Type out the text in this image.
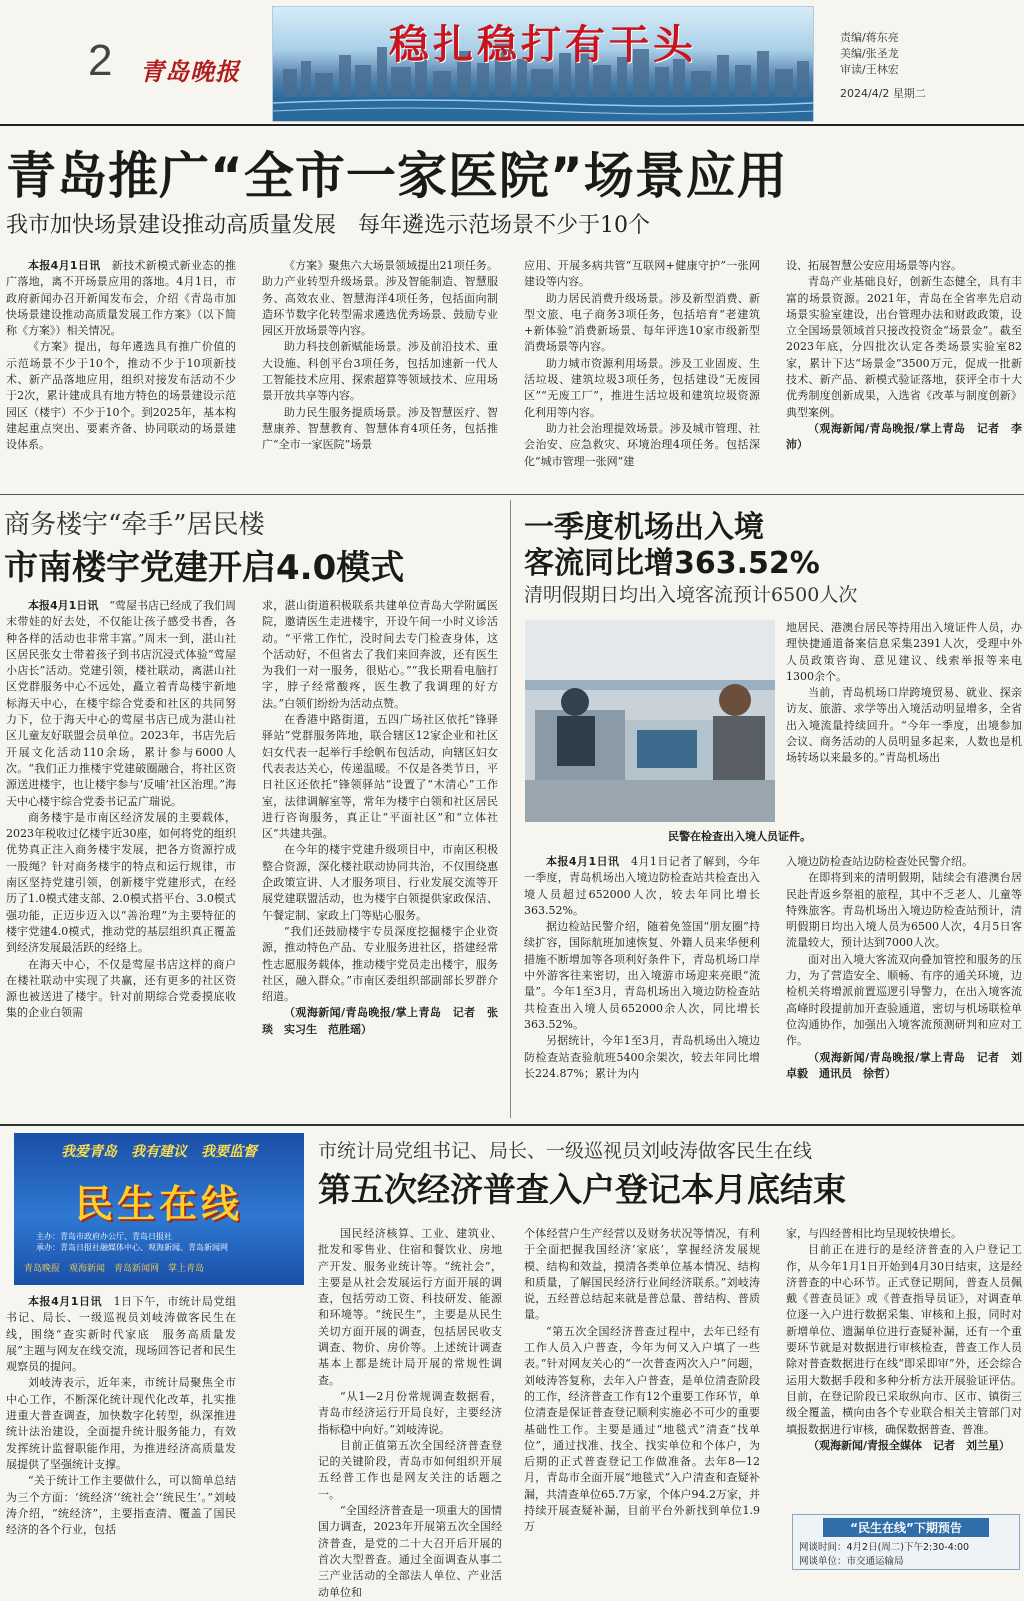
2 青岛晚报
稳扎稳打有干头	责编/蒋东亮
美编/张圣龙
审读/王林宏
2024/4/2 星期二
青岛推广“全市一家医院”场景应用
我市加快场景建设推动高质量发展　每年遴选示范场景不少于10个

本报4月1日讯　 新技术新模式新业态的推广落地，离不开场景应用的落地。4月1日，市政府新闻办召开新闻发布会，介绍《青岛市加快场景建设推动高质量发展工作方案》（以下简称《方案》）相关情况。

《方案》提出，每年遴选具有推广价值的示范场景不少于10个，推动不少于10项新技术、新产品落地应用，组织对接发布活动不少于2次，累计建成具有地方特色的场景建设示范园区（楼宇）不少于10个。到2025年，基本构建起重点突出、要素齐备、协同联动的场景建设体系。

《方案》聚焦六大场景领域提出21项任务。助力产业转型升级场景。涉及智能制造、智慧服务、高效农业、智慧海洋4项任务，包括面向制造环节数字化转型需求遴选优秀场景、鼓励专业园区开放场景等内容。

助力科技创新赋能场景。涉及前沿技术、重大设施、科创平台3项任务，包括加速新一代人工智能技术应用、探索超算等领域技术、应用场景开放共享等内容。

助力民生服务提质场景。涉及智慧医疗、智慧康养、智慧教育、智慧体育4项任务，包括推广“全市一家医院”场景

应用、开展多病共管“互联网+健康守护”一张网建设等内容。

助力居民消费升级场景。涉及新型消费、新型文旅、电子商务3项任务，包括培育“老建筑+新体验”消费新场景、每年评选10家市级新型消费场景等内容。

助力城市资源利用场景。涉及工业固废、生活垃圾、建筑垃圾3项任务，包括建设“无废园区”“无废工厂”，推进生活垃圾和建筑垃圾资源化利用等内容。

助力社会治理提效场景。涉及城市管理、社会治安、应急救灾、环境治理4项任务。包括深化“城市管理一张网”建

设、拓展智慧公安应用场景等内容。

青岛产业基础良好，创新生态健全，具有丰富的场景资源。2021年，青岛在全省率先启动场景实验室建设，出台管理办法和财政政策，设立全国场景领域首只接改投资金“场景金”。截至2023年底，分四批次认定各类场景实验室82家，累计下达“场景金”3500万元，促成一批新技术、新产品、新模式验证落地，获评全市十大优秀制度创新成果，入选省《改革与制度创新》典型案例。

（观海新闻/青岛晚报/掌上青岛　记者　李沛）

商务楼宇“牵手”居民楼
市南楼宇党建开启4.0模式

本报4月1日讯　 “莺屋书店已经成了我们周末带娃的好去处，不仅能让孩子感受书香，各种各样的活动也非常丰富。”周末一到，湛山社区居民张女士带着孩子到书店沉浸式体验“莺屋小店长”活动。党建引领，楼社联动，离湛山社区党群服务中心不远处，矗立着青岛楼宇新地标海天中心，在楼宇综合党委和社区的共同努力下，位于海天中心的莺屋书店已成为湛山社区儿童友好联盟会员单位。2023年，书店先后开展文化活动110余场，累计参与6000人次。“我们正力推楼宇党建破圈融合，将社区资源送进楼宇，也让楼宇参与‘反哺’社区治理。”海天中心楼宇综合党委书记孟广瑞说。

商务楼宇是市南区经济发展的主要载体，2023年税收过亿楼宇近30座，如何将党的组织优势真正注入商务楼宇发展，把各方资源拧成一股绳？针对商务楼宇的特点和运行规律，市南区坚持党建引领，创新楼宇党建形式，在经历了1.0模式建支部、2.0模式搭平台、3.0模式强功能，正迈步迈入以“善治理”为主要特征的楼宇党建4.0模式，推动党的基层组织真正覆盖到经济发展最活跃的经络上。

在海天中心，不仅是莺屋书店这样的商户在楼社联动中实现了共赢，还有更多的社区资源也被送进了楼宇。针对前期综合党委摸底收集的企业白领需

求，湛山街道积极联系共建单位青岛大学附属医院，邀请医生走进楼宇，开设午间一小时义诊活动。“平常工作忙，没时间去专门检查身体，这个活动好，不但省去了我们来回奔波，还有医生为我们一对一服务，很贴心。”“我长期看电脑打字，脖子经常酸疼，医生教了我调理的好方法。”白领们纷纷为活动点赞。

在香港中路街道，五四广场社区依托“锋驿驿站”党群服务阵地，联合辖区12家企业和社区妇女代表一起举行手绘帆布包活动，向辖区妇女代表表达关心，传递温暖。不仅是各类节日，平日社区还依托“锋领驿站”设置了“木清心”工作室，法律调解室等，常年为楼宇白领和社区居民进行咨询服务，真正让“平面社区”和“立体社区”共建共强。

在今年的楼宇党建升级项目中，市南区积极整合资源，深化楼社联动协同共治，不仅围绕惠企政策宣讲、人才服务项目、行业发展交流等开展党建联盟活动，也为楼宇白领提供家政保洁、午餐定制、家政上门等贴心服务。

“我们还鼓励楼宇专员深度挖掘楼宇企业资源，推动特色产品、专业服务进社区，搭建经常性志愿服务载体，推动楼宇党员走出楼宇，服务社区，融入群众。”市南区委组织部副部长罗群介绍道。

（观海新闻/青岛晚报/掌上青岛　记者　张琰　实习生　范胜瑶）

一季度机场出入境
客流同比增363.52%
清明假期日均出入境客流预计6500人次
民警在检查出入境人员证件。

地居民、港澳台居民等持用出入境证件人员，办理快捷通道备案信息采集2391人次，受理中外人员政策咨询、意见建议、线索举报等来电1300余个。

当前，青岛机场口岸跨境贸易、就业、探亲访友、旅游、求学等出入境活动明显增多，全省出入境流量持续回升。“今年一季度，出境参加会议、商务活动的人员明显多起来，人数也是机场转场以来最多的。”青岛机场出

本报4月1日讯　 4月1日记者了解到，今年一季度，青岛机场出入境边防检查站共检查出入境人员超过652000人次，较去年同比增长363.52%。

据边检站民警介绍，随着免签国“朋友圈”持续扩容，国际航班加速恢复、外籍人员来华便利措施不断增加等各项利好条件下，青岛机场口岸中外游客往来密切，出入境游市场迎来亮眼“流量”。今年1至3月，青岛机场出入境边防检查站共检查出入境人员652000余人次，同比增长363.52%。

另据统计，今年1至3月，青岛机场出入境边防检查站查验航班5400余架次，较去年同比增长224.87%；累计为内

入境边防检查站边防检查处民警介绍。

在即将到来的清明假期，陆续会有港澳台居民赴青返乡祭祖的旅程，其中不乏老人、儿童等特殊旅客。青岛机场出入境边防检查站预计，清明假期日均出入境人员为6500人次，4月5日客流量较大，预计达到7000人次。

面对出入境大客流双向叠加管控和服务的压力，为了营造安全、顺畅、有序的通关环境，边检机关将增派前置巡逻引导警力，在出入境客流高峰时段提前加开查验通道，密切与机场联检单位沟通协作，加强出入境客流预测研判和应对工作。

（观海新闻/青岛晚报/掌上青岛　记者　刘卓毅　通讯员　徐哲）

我爱青岛　我有建议　我要监督
民生在线
主办：青岛市政府办公厅、青岛日报社
承办：青岛日报社融媒体中心、观海新闻、青岛新闻网
青岛晚报　观海新闻　青岛新闻网　掌上青岛
市统计局党组书记、局长、一级巡视员刘岐涛做客民生在线
第五次经济普查入户登记本月底结束

本报4月1日讯　 1日下午，市统计局党组书记、局长、一级巡视员刘岐涛做客民生在线，围绕“查实新时代家底　服务高质量发展”主题与网友在线交流，现场回答记者和民生观察员的提问。

刘岐涛表示，近年来，市统计局聚焦全市中心工作，不断深化统计现代化改革，扎实推进重大普查调查，加快数字化转型，纵深推进统计法治建设，全面提升统计服务能力，有效发挥统计监督职能作用，为推进经济高质量发展提供了坚强统计支撑。

“关于统计工作主要做什么，可以简单总结为三个方面：‘统经济’‘统社会’‘统民生’。”刘岐涛介绍，“统经济”，主要指查清、覆盖了国民经济的各个行业，包括

国民经济核算、工业、建筑业、批发和零售业、住宿和餐饮业、房地产开发、服务业统计等。“统社会”，主要是从社会发展运行方面开展的调查，包括劳动工资、科技研发、能源和环境等。“统民生”，主要是从民生关切方面开展的调查，包括居民收支调查、物价、房价等。上述统计调查基本上都是统计局开展的常规性调查。

“从1—2月份常规调查数据看，青岛市经济运行开局良好，主要经济指标稳中向好。”刘岐涛说。

目前正值第五次全国经济普查登记的关键阶段，青岛市如何组织开展五经普工作也是网友关注的话题之一。

“全国经济普查是一项重大的国情国力调查，2023年开展第五次全国经济普查，是党的二十大召开后开展的首次大型普查。通过全面调查从事二三产业活动的全部法人单位、产业活动单位和

个体经营户生产经营以及财务状况等情况，有利于全面把握我国经济‘家底’，掌握经济发展规模、结构和效益，摸清各类单位基本情况、结构和质量，了解国民经济行业间经济联系。”刘岐涛说，五经普总结起来就是普总量、普结构、普质量。

“第五次全国经济普查过程中，去年已经有工作人员入户普查，今年为何又入户填了一些表。”针对网友关心的“一次普查两次入户”问题，刘岐涛答复称，去年入户普查，是单位清查阶段的工作，经济普查工作有12个重要工作环节，单位清查是保证普查登记顺利实施必不可少的重要基础性工作。主要是通过“地毯式”清查“找单位”，通过找准、找全、找实单位和个体户，为后期的正式普查登记工作做准备。去年8—12月，青岛市全面开展“地毯式”入户清查和查疑补漏，共清查单位65.7万家，个体户94.2万家，并持续开展查疑补漏，目前平台外新找到单位1.9万

家，与四经普相比均呈现较快增长。

目前正在进行的是经济普查的入户登记工作，从今年1月1日开始到4月30日结束，这是经济普查的中心环节。正式登记期间，普查人员佩戴《普查员证》或《普查指导员证》，对调查单位逐一入户进行数据采集、审核和上报，同时对新增单位、遗漏单位进行查疑补漏，还有一个重要环节就是对数据进行审核检查，普查工作人员除对普查数据进行在线“即采即审”外，还会综合运用大数据手段和多种分析方法开展验证评估。目前，在登记阶段已采取纵向市、区市、镇街三级全覆盖，横向由各个专业联合相关主管部门对填报数据进行审核，确保数据普查、普准。

（观海新闻/青报全媒体　记者　刘兰星）

“民生在线”下期预告
网谈时间：4月2日(周二)下午2:30-4:00
网谈单位：市交通运输局
